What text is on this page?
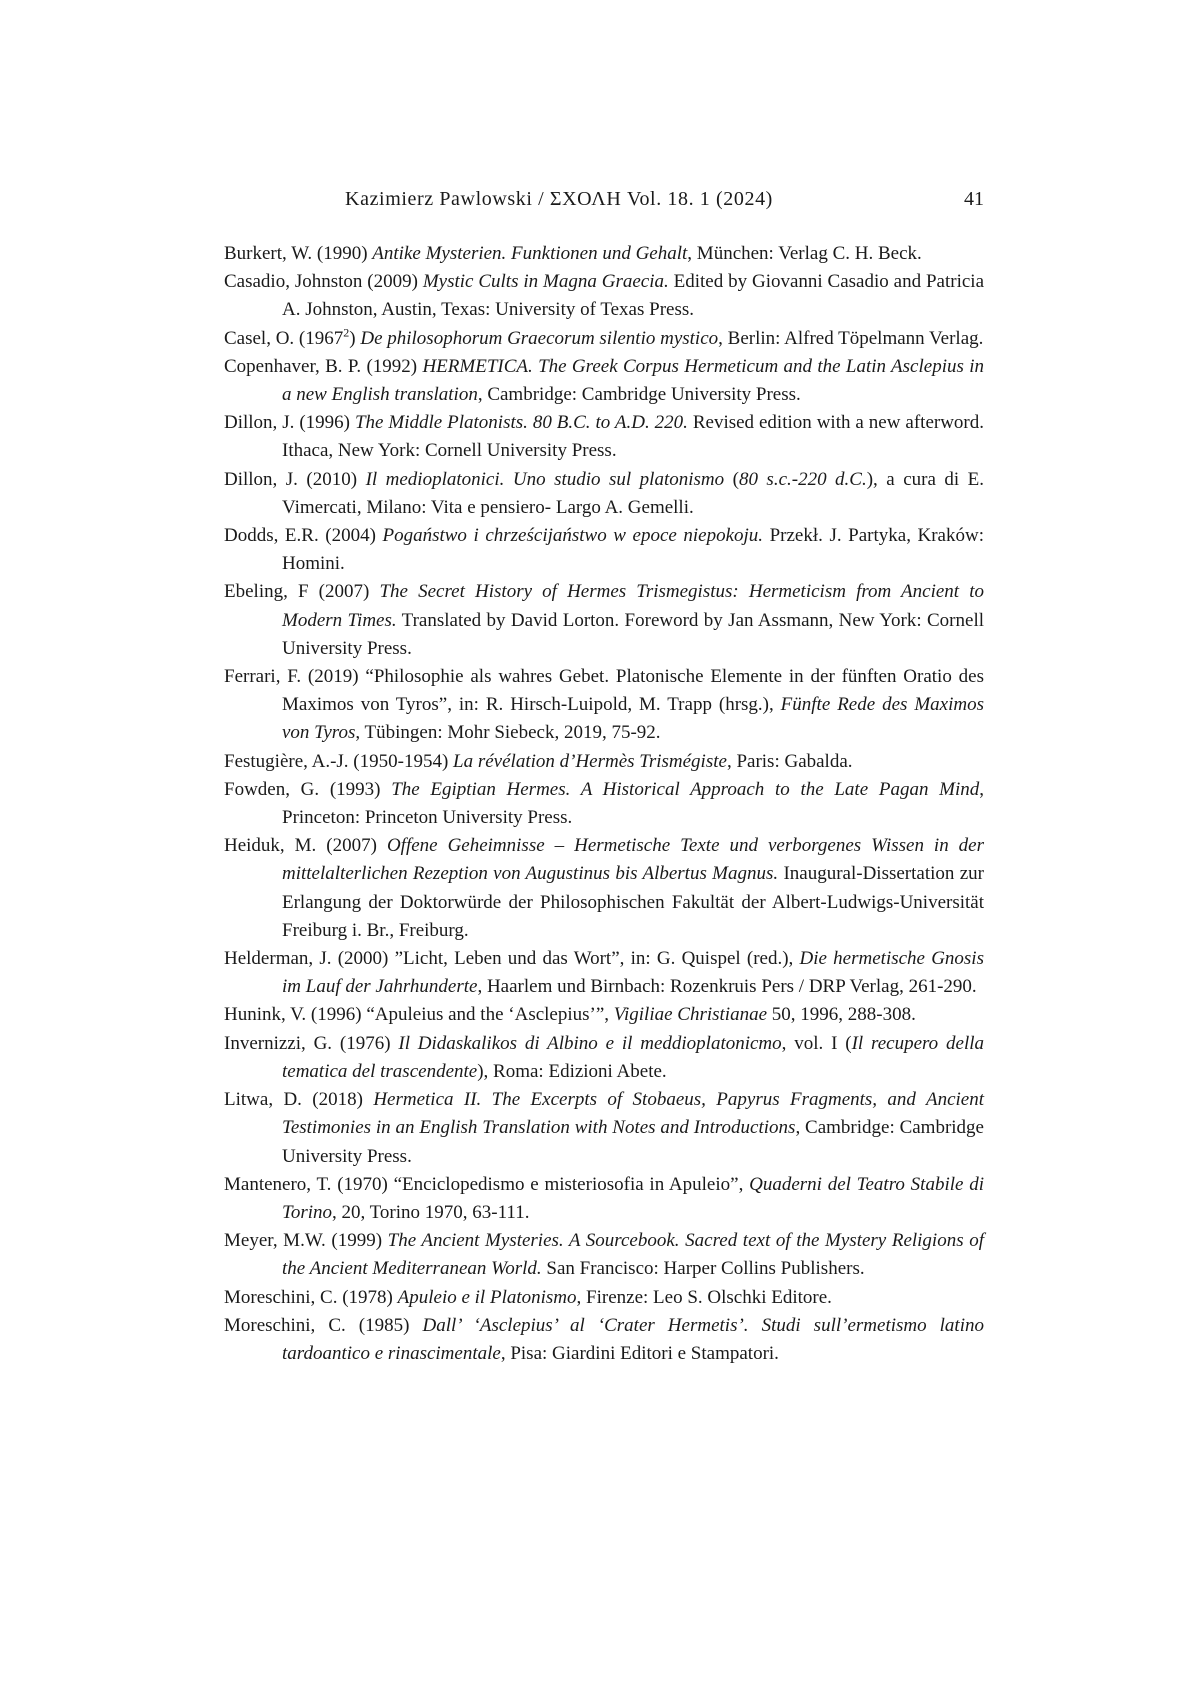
Kazimierz Pawlowski / ΣΧΟΛΗ Vol. 18. 1 (2024)	41

Burkert, W. (1990) Antike Mysterien. Funktionen und Gehalt, München: Verlag C. H. Beck.

Casadio, Johnston (2009) Mystic Cults in Magna Graecia. Edited by Giovanni Casadio and Patricia A. Johnston, Austin, Texas: University of Texas Press.

Casel, O. (19672) De philosophorum Graecorum silentio mystico, Berlin: Alfred Töpelmann Verlag.

Copenhaver, B. P. (1992) HERMETICA. The Greek Corpus Hermeticum and the Latin Asclepius in a new English translation, Cambridge: Cambridge University Press.

Dillon, J. (1996) The Middle Platonists. 80 B.C. to A.D. 220. Revised edition with a new afterword. Ithaca, New York: Cornell University Press.

Dillon, J. (2010) Il medioplatonici. Uno studio sul platonismo (80 s.c.-220 d.C.), a cura di E. Vimercati, Milano: Vita e pensiero- Largo A. Gemelli.

Dodds, E.R. (2004) Pogaństwo i chrześcijaństwo w epoce niepokoju. Przekł. J. Partyka, Kraków: Homini.

Ebeling, F (2007) The Secret History of Hermes Trismegistus: Hermeticism from Ancient to Modern Times. Translated by David Lorton. Foreword by Jan Assmann, New York: Cornell University Press.

Ferrari, F. (2019) “Philosophie als wahres Gebet. Platonische Elemente in der fünften Oratio des Maximos von Tyros”, in: R. Hirsch-Luipold, M. Trapp (hrsg.), Fünfte Rede des Maximos von Tyros, Tübingen: Mohr Siebeck, 2019, 75-92.

Festugière, A.-J. (1950-1954) La révélation d’Hermès Trismégiste, Paris: Gabalda.

Fowden, G. (1993) The Egiptian Hermes. A Historical Approach to the Late Pagan Mind, Princeton: Princeton University Press.

Heiduk, M. (2007) Offene Geheimnisse – Hermetische Texte und verborgenes Wissen in der mittelalterlichen Rezeption von Augustinus bis Albertus Magnus. Inaugural-Dissertation zur Erlangung der Doktorwürde der Philosophischen Fakultät der Albert-Ludwigs-Universität Freiburg i. Br., Freiburg.

Helderman, J. (2000) ”Licht, Leben und das Wort”, in: G. Quispel (red.), Die hermetische Gnosis im Lauf der Jahrhunderte, Haarlem und Birnbach: Rozenkruis Pers / DRP Verlag, 261-290.

Hunink, V. (1996) “Apuleius and the ‘Asclepius’”, Vigiliae Christianae 50, 1996, 288-308.

Invernizzi, G. (1976) Il Didaskalikos di Albino e il meddioplatonicmo, vol. I (Il recupero della tematica del trascendente), Roma: Edizioni Abete.

Litwa, D. (2018) Hermetica II. The Excerpts of Stobaeus, Papyrus Fragments, and Ancient Testimonies in an English Translation with Notes and Introductions, Cambridge: Cambridge University Press.

Mantenero, T. (1970) “Enciclopedismo e misteriosofia in Apuleio”, Quaderni del Teatro Stabile di Torino, 20, Torino 1970, 63-111.

Meyer, M.W. (1999) The Ancient Mysteries. A Sourcebook. Sacred text of the Mystery Religions of the Ancient Mediterranean World. San Francisco: Harper Collins Publishers.

Moreschini, C. (1978) Apuleio e il Platonismo, Firenze: Leo S. Olschki Editore.

Moreschini, C. (1985) Dall’ ‘Asclepius’ al ‘Crater Hermetis’. Studi sull’ermetismo latino tardoantico e rinascimentale, Pisa: Giardini Editori e Stampatori.
